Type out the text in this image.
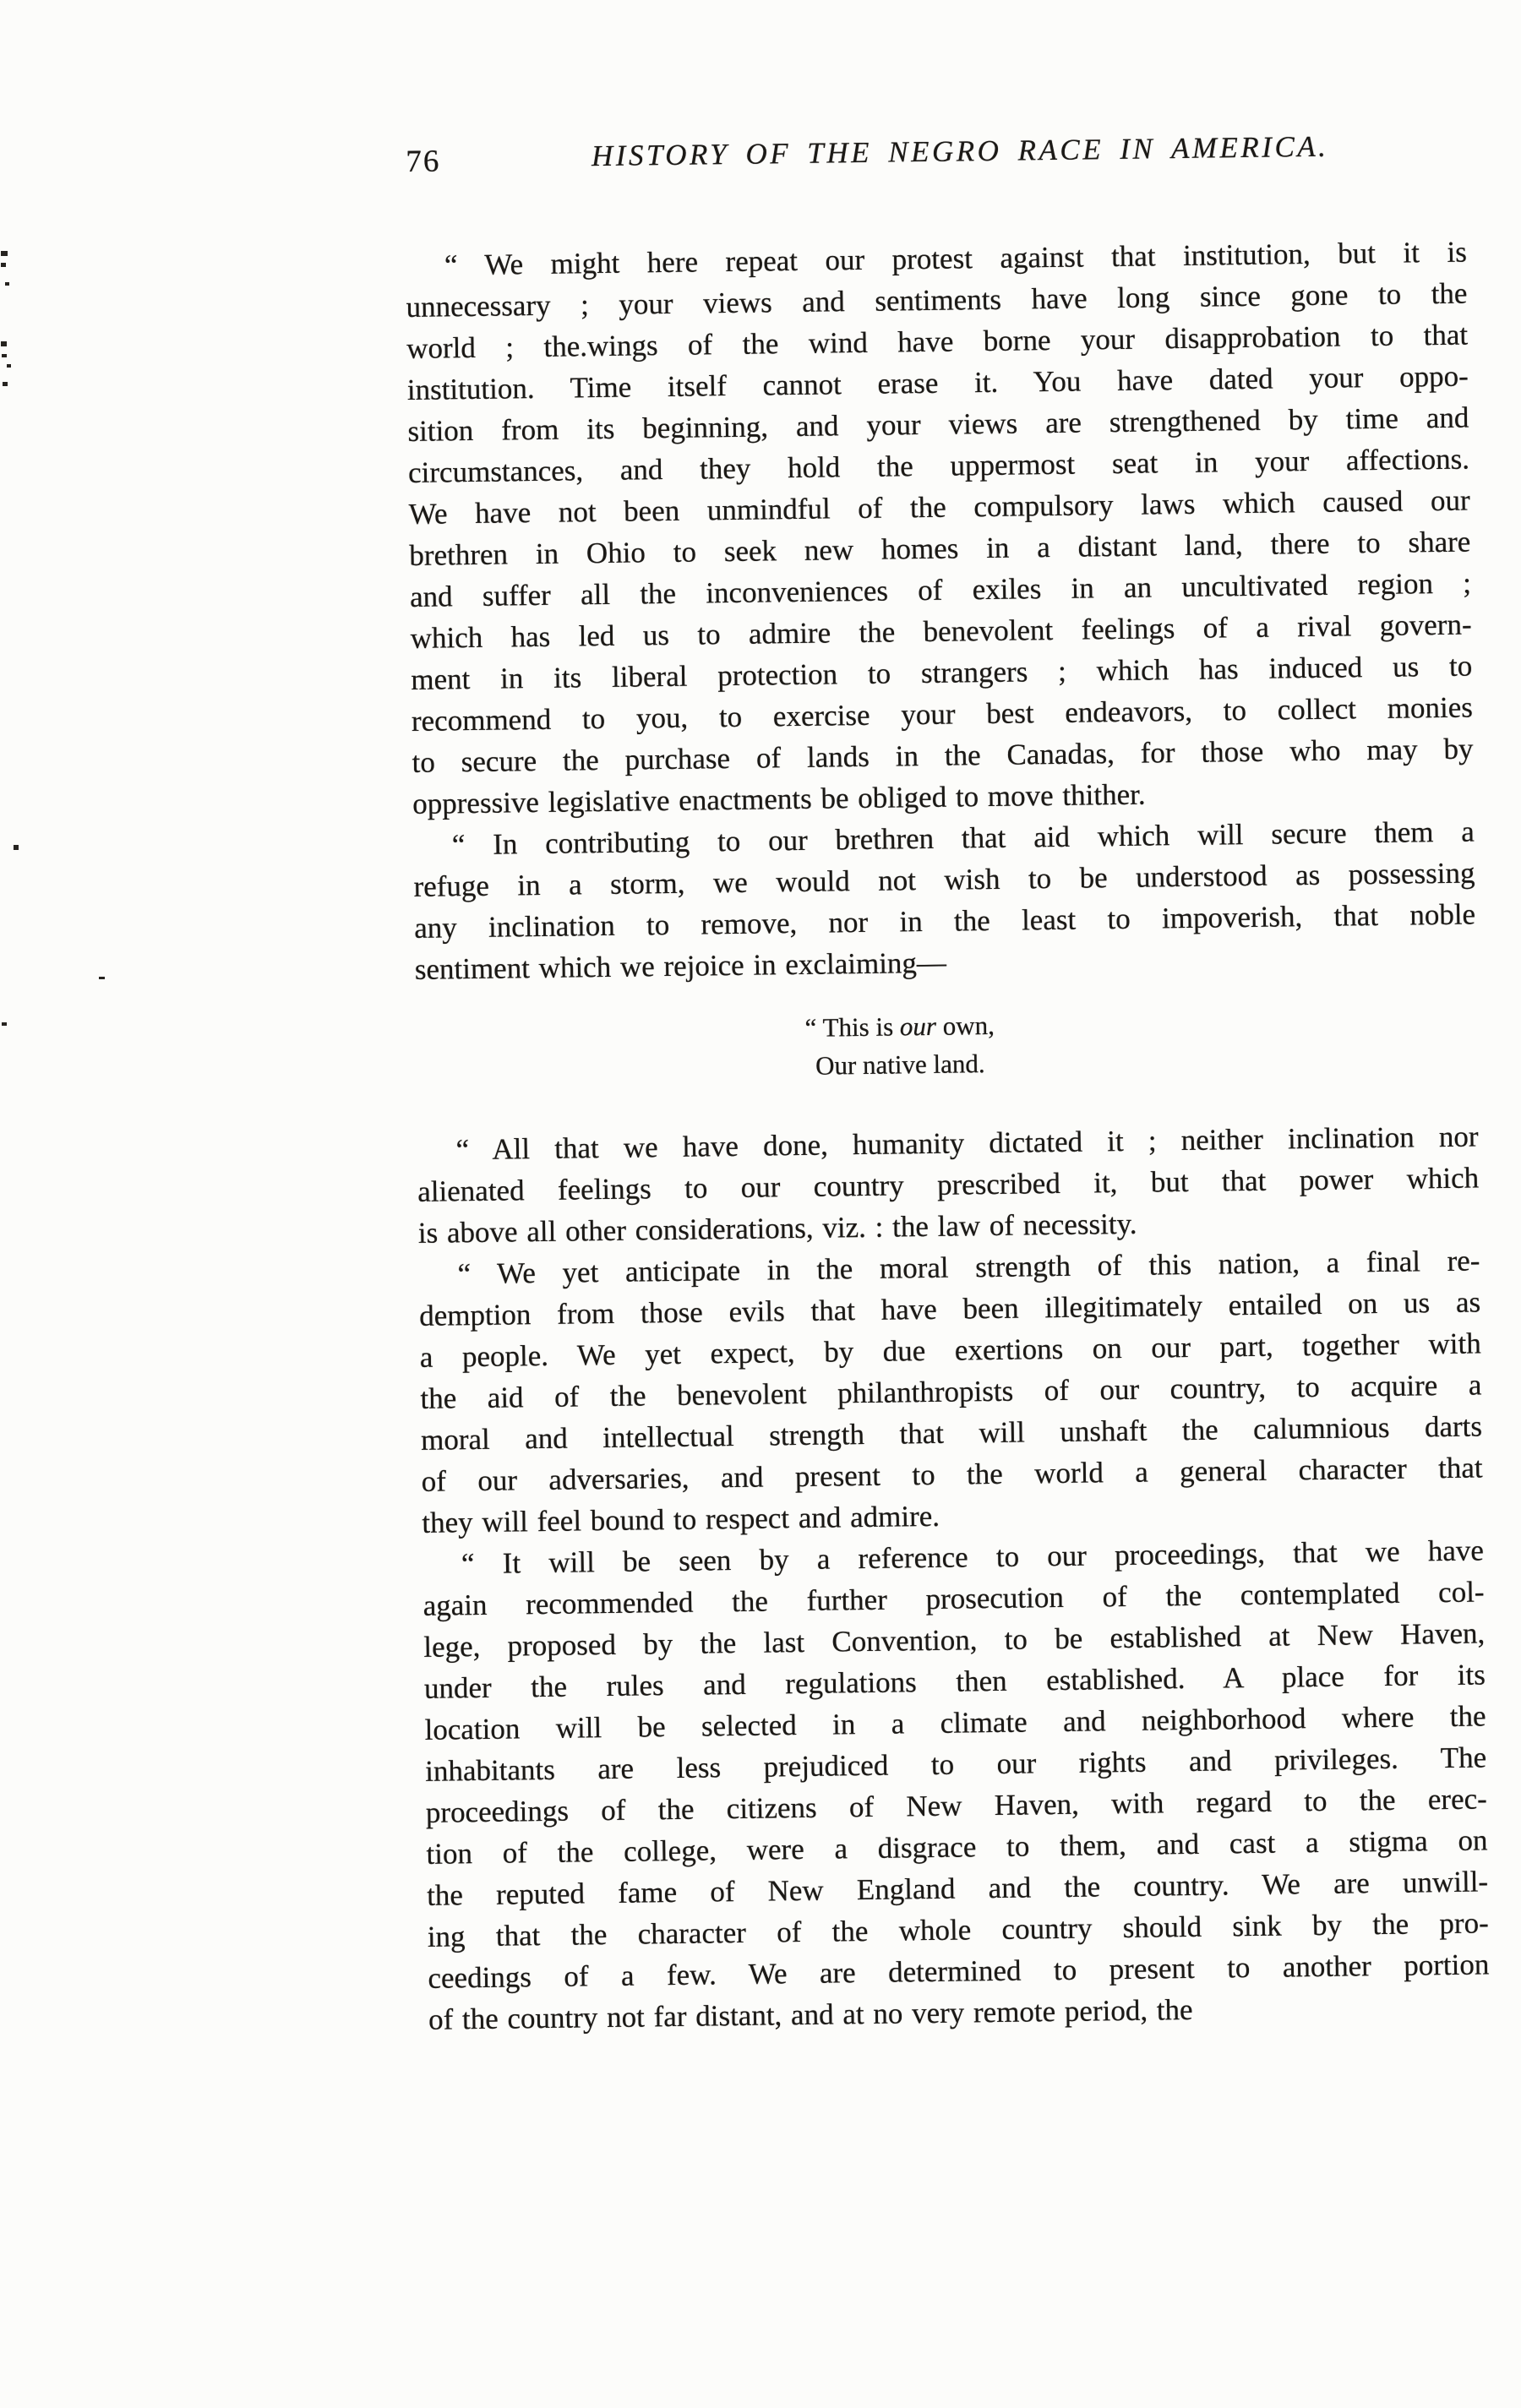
76	HISTORY OF THE NEGRO RACE IN AMERICA.
“ We might here repeat our protest against that institution, but it is
unnecessary ; your views and sentiments have long since gone to the
world ; the.wings of the wind have borne your disapprobation to that
institution. Time itself cannot erase it. You have dated your oppo-
sition from its beginning, and your views are strengthened by time and
circumstances, and they hold the uppermost seat in your affections.
We have not been unmindful of the compulsory laws which caused our
brethren in Ohio to seek new homes in a distant land, there to share
and suffer all the inconveniences of exiles in an uncultivated region ;
which has led us to admire the benevolent feelings of a rival govern-
ment in its liberal protection to strangers ; which has induced us to
recommend to you, to exercise your best endeavors, to collect monies
to secure the purchase of lands in the Canadas, for those who may by
oppressive legislative enactments be obliged to move thither.
“ In contributing to our brethren that aid which will secure them a
refuge in a storm, we would not wish to be understood as possessing
any inclination to remove, nor in the least to impoverish, that noble
sentiment which we rejoice in exclaiming—
“ This is our own,
Our native land.
“ All that we have done, humanity dictated it ; neither inclination nor
alienated feelings to our country prescribed it, but that power which
is above all other considerations, viz. : the law of necessity.
“ We yet anticipate in the moral strength of this nation, a final re-
demption from those evils that have been illegitimately entailed on us as
a people. We yet expect, by due exertions on our part, together with
the aid of the benevolent philanthropists of our country, to acquire a
moral and intellectual strength that will unshaft the calumnious darts
of our adversaries, and present to the world a general character that
they will feel bound to respect and admire.
“ It will be seen by a reference to our proceedings, that we have
again recommended the further prosecution of the contemplated col-
lege, proposed by the last Convention, to be established at New Haven,
under the rules and regulations then established. A place for its
location will be selected in a climate and neighborhood where the
inhabitants are less prejudiced to our rights and privileges. The
proceedings of the citizens of New Haven, with regard to the erec-
tion of the college, were a disgrace to them, and cast a stigma on
the reputed fame of New England and the country. We are unwill-
ing that the character of the whole country should sink by the pro-
ceedings of a few. We are determined to present to another portion
of the country not far distant, and at no very remote period, the
